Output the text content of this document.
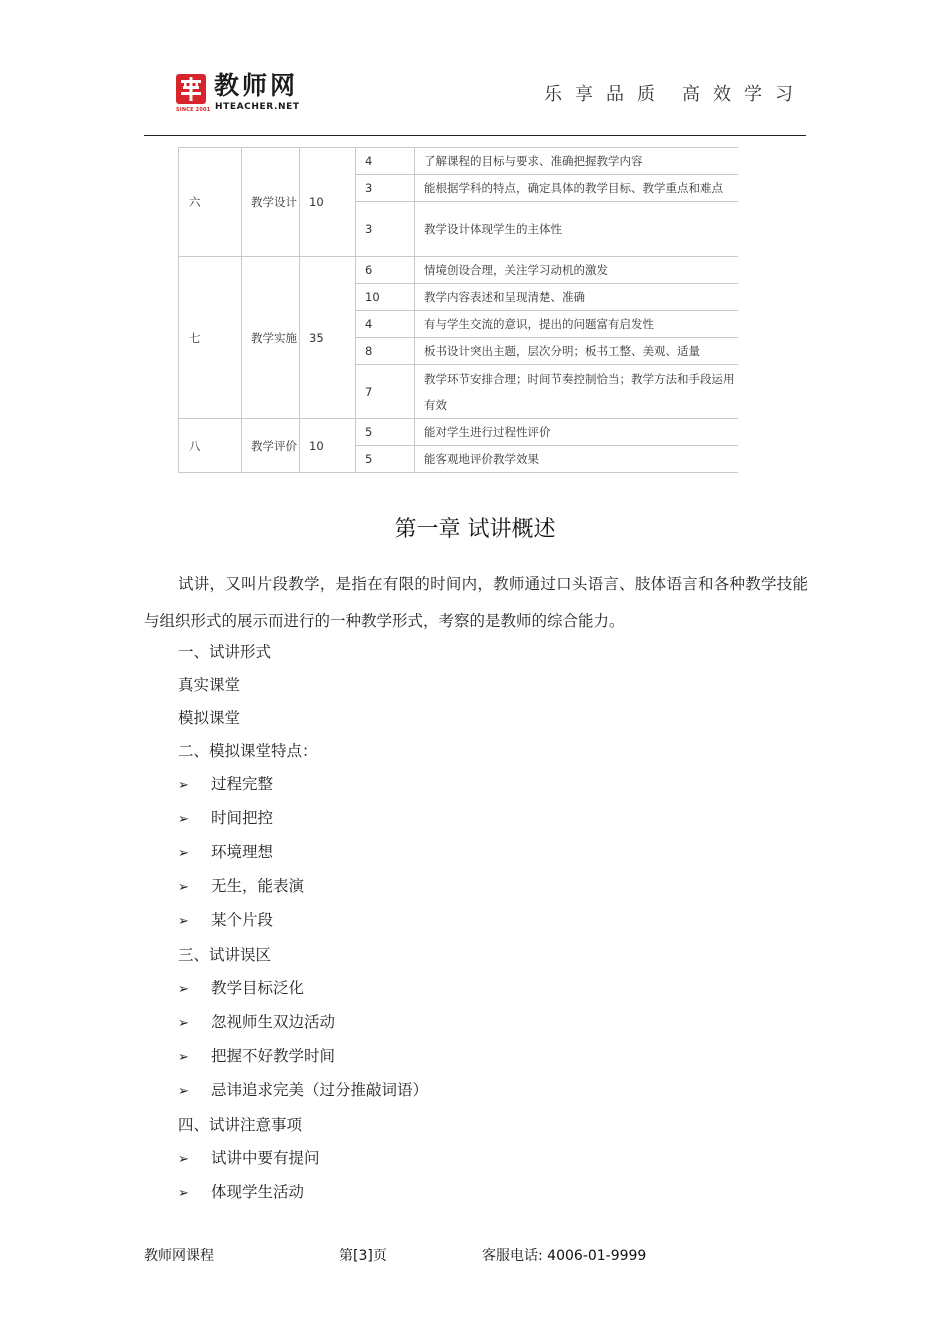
SINCE 2001
教师网
HTEACHER.NET
乐享品质 高效学习
六	教学设计	10	4	了解课程的目标与要求、准确把握教学内容
			3	能根据学科的特点，确定具体的教学目标、教学重点和难点
			3	教学设计体现学生的主体性
七	教学实施	35	6	情境创设合理，关注学习动机的激发
			10	教学内容表述和呈现清楚、准确
			4	有与学生交流的意识，提出的问题富有启发性
			8	板书设计突出主题，层次分明；板书工整、美观、适量
			7	教学环节安排合理；时间节奏控制恰当；教学方法和手段运用有效
八	教学评价	10	5	能对学生进行过程性评价
			5	能客观地评价教学效果
第一章 试讲概述
试讲，又叫片段教学，是指在有限的时间内，教师通过口头语言、肢体语言和各种教学技能与组织形式的展示而进行的一种教学形式，考察的是教师的综合能力。
一、试讲形式
真实课堂
模拟课堂
二、模拟课堂特点：
➢ 过程完整
➢ 时间把控
➢ 环境理想
➢ 无生，能表演
➢ 某个片段
三、试讲误区
➢ 教学目标泛化
➢ 忽视师生双边活动
➢ 把握不好教学时间
➢ 忌讳追求完美（过分推敲词语）
四、试讲注意事项
➢ 试讲中要有提问
➢ 体现学生活动
教师网课程	第[3]页	客服电话: 4006-01-9999
